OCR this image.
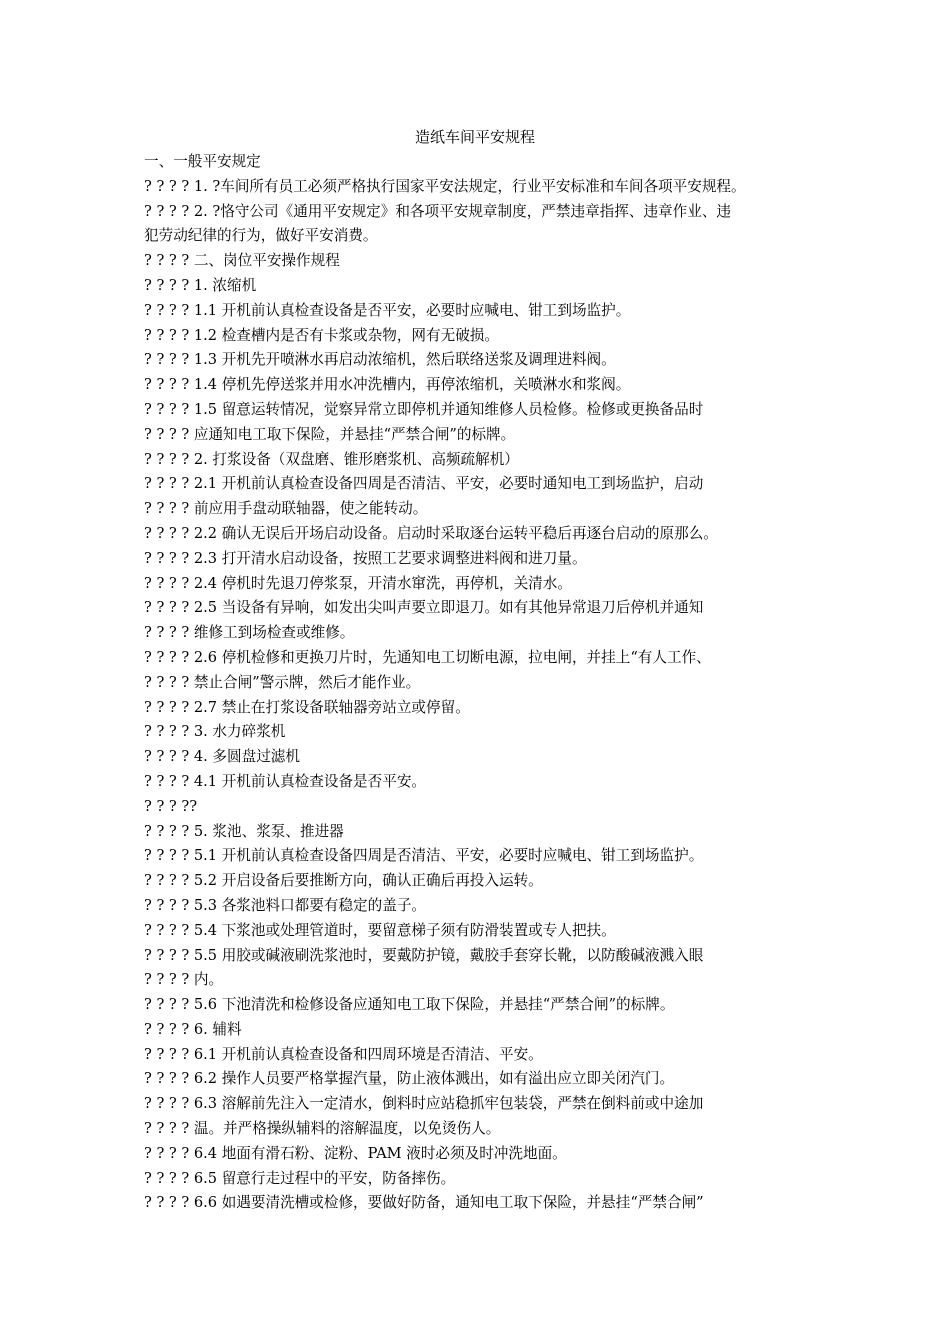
造纸车间平安规程
一、一般平安规定
? ? ? ? 1. ?车间所有员工必须严格执行国家平安法规定，行业平安标准和车间各项平安规程。
? ? ? ? 2. ?恪守公司《通用平安规定》和各项平安规章制度，严禁违章指挥、违章作业、违
犯劳动纪律的行为，做好平安消费。
? ? ? ? 二、岗位平安操作规程
? ? ? ? 1. 浓缩机
? ? ? ? 1.1 开机前认真检查设备是否平安，必要时应喊电、钳工到场监护。
? ? ? ? 1.2 检查槽内是否有卡浆或杂物，网有无破损。
? ? ? ? 1.3 开机先开喷淋水再启动浓缩机，然后联络送浆及调理进料阀。
? ? ? ? 1.4 停机先停送浆并用水冲洗槽内，再停浓缩机，关喷淋水和浆阀。
? ? ? ? 1.5 留意运转情况，觉察异常立即停机并通知维修人员检修。检修或更换备品时
? ? ? ? 应通知电工取下保险，并悬挂“严禁合闸”的标牌。
? ? ? ? 2. 打浆设备（双盘磨、锥形磨浆机、高频疏解机）
? ? ? ? 2.1 开机前认真检查设备四周是否清洁、平安，必要时通知电工到场监护，启动
? ? ? ? 前应用手盘动联轴器，使之能转动。
? ? ? ? 2.2 确认无误后开场启动设备。启动时采取逐台运转平稳后再逐台启动的原那么。
? ? ? ? 2.3 打开清水启动设备，按照工艺要求调整进料阀和进刀量。
? ? ? ? 2.4 停机时先退刀停浆泵，开清水窜洗，再停机，关清水。
? ? ? ? 2.5 当设备有异响，如发出尖叫声要立即退刀。如有其他异常退刀后停机并通知
? ? ? ? 维修工到场检查或维修。
? ? ? ? 2.6 停机检修和更换刀片时，先通知电工切断电源，拉电闸，并挂上“有人工作、
? ? ? ? 禁止合闸”警示牌，然后才能作业。
? ? ? ? 2.7 禁止在打浆设备联轴器旁站立或停留。
? ? ? ? 3. 水力碎浆机
? ? ? ? 4. 多圆盘过滤机
? ? ? ? 4.1 开机前认真检查设备是否平安。
? ? ? ??
? ? ? ? 5. 浆池、浆泵、推进器
? ? ? ? 5.1 开机前认真检查设备四周是否清洁、平安，必要时应喊电、钳工到场监护。
? ? ? ? 5.2 开启设备后要推断方向，确认正确后再投入运转。
? ? ? ? 5.3 各浆池料口都要有稳定的盖子。
? ? ? ? 5.4 下浆池或处理管道时，要留意梯子须有防滑装置或专人把扶。
? ? ? ? 5.5 用胶或碱液刷洗浆池时，要戴防护镜，戴胶手套穿长靴，以防酸碱液溅入眼
? ? ? ? 内。
? ? ? ? 5.6 下池清洗和检修设备应通知电工取下保险，并悬挂“严禁合闸”的标牌。
? ? ? ? 6. 辅料
? ? ? ? 6.1 开机前认真检查设备和四周环境是否清洁、平安。
? ? ? ? 6.2 操作人员要严格掌握汽量，防止液体溅出，如有溢出应立即关闭汽门。
? ? ? ? 6.3 溶解前先注入一定清水，倒料时应站稳抓牢包装袋，严禁在倒料前或中途加
? ? ? ? 温。并严格操纵辅料的溶解温度，以免烫伤人。
? ? ? ? 6.4 地面有滑石粉、淀粉、PAM 液时必须及时冲洗地面。
? ? ? ? 6.5 留意行走过程中的平安，防备摔伤。
? ? ? ? 6.6 如遇要清洗槽或检修，要做好防备，通知电工取下保险，并悬挂“严禁合闸”
